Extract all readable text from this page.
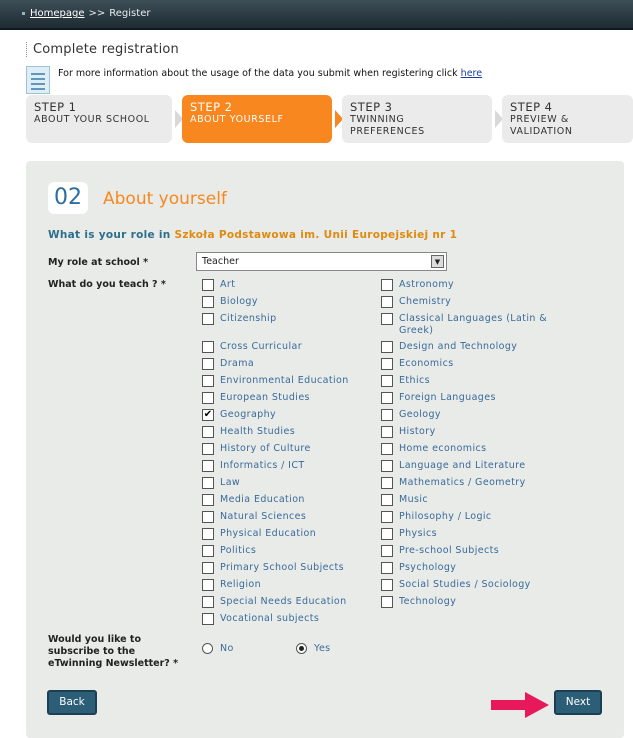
Homepage >> Register
Complete registration
For more information about the usage of the data you submit when registering click here
STEP 1
ABOUT YOUR SCHOOL
STEP 2
ABOUT YOURSELF
STEP 3
TWINNING PREFERENCES
STEP 4
PREVIEW & VALIDATION
02	About yourself
What is your role in Szkoła Podstawowa im. Unii Europejskiej nr 1
My role at school *	Teacher	▼
What do you teach ? *	Art
Biology
Citizenship
Cross Curricular
Drama
Environmental Education
European Studies
✔ Geography
Health Studies
History of Culture
Informatics / ICT
Law
Media Education
Natural Sciences
Physical Education
Politics
Primary School Subjects
Religion
Special Needs Education
Vocational subjects
Astronomy
Chemistry
Classical Languages (Latin & Greek)
Design and Technology
Economics
Ethics
Foreign Languages
Geology
History
Home economics
Language and Literature
Mathematics / Geometry
Music
Philosophy / Logic
Physics
Pre-school Subjects
Psychology
Social Studies / Sociology
Technology
Would you like to subscribe to the eTwinning Newsletter? *
No	Yes
Back	Next
